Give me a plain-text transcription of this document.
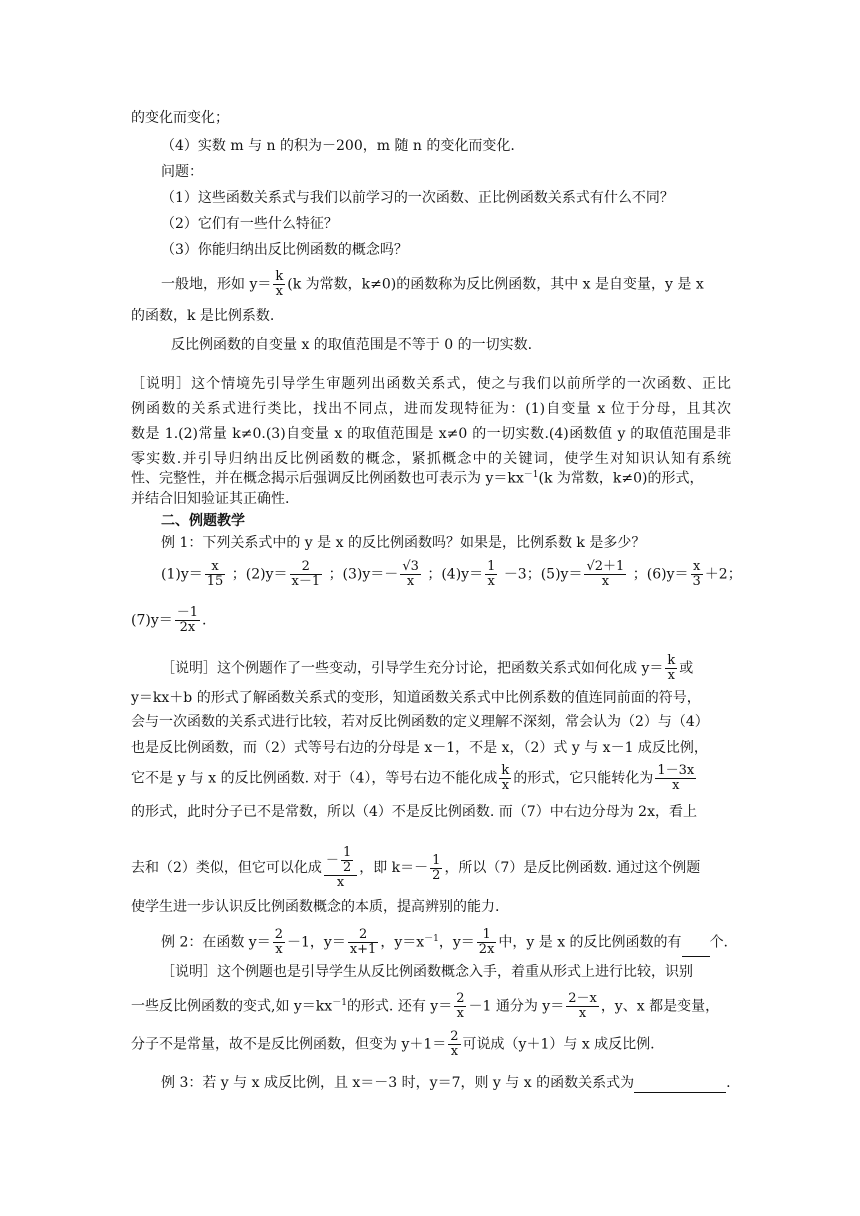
的变化而变化；
（4）实数 m 与 n 的积为－200，m 随 n 的变化而变化.
问题：
（1）这些函数关系式与我们以前学习的一次函数、正比例函数关系式有什么不同？
（2）它们有一些什么特征？
（3）你能归纳出反比例函数的概念吗？
一般地，形如 $y= \frac{k}{x} (k$ 为常数，k≠0)的函数称为反比例函数，其中 x 是自变量，y 是 x
的函数，k 是比例系数.
反比例函数的自变量 x 的取值范围是不等于 0 的一切实数.
［说明］这个情境先引导学生审题列出函数关系式，使之与我们以前所学的一次函数、正比
例函数的关系式进行类比，找出不同点，进而发现特征为：(1)自变量 x 位于分母，且其次
数是 1.(2)常量 k≠0.(3)自变量 x 的取值范围是 x≠0 的一切实数.(4)函数值 y 的取值范围是非
零实数.并引导归纳出反比例函数的概念，紧抓概念中的关键词，使学生对知识认知有系统
性、完整性，并在概念揭示后强调反比例函数也可表示为 $y=kx^{-1}(k$ 为常数，k≠0)的形式，
并结合旧知验证其正确性.
二、例题教学
例 1：下列关系式中的 y 是 x 的反比例函数吗？如果是，比例系数 k 是多少？
$(1)y= \frac{x}{15}$ ；$(2)y= \frac{2}{x-1}$ ；$(3)y=- \frac{√3}{x}$ ；$(4)y= \frac{1}{x} -3$；$(5)y= \frac{√2+1}{x}$ ；$(6)y= \frac{x}{3} +2$；
$(7)y= \frac{-1}{2x}$ .
［说明］这个例题作了一些变动，引导学生充分讨论，把函数关系式如何化成 $y= \frac{k}{x}$ 或
y＝kx＋b 的形式了解函数关系式的变形，知道函数关系式中比例系数的值连同前面的符号，
会与一次函数的关系式进行比较，若对反比例函数的定义理解不深刻，常会认为（2）与（4）
也是反比例函数，而（2）式等号右边的分母是 x－1，不是 x，（2）式 y 与 x－1 成反比例，
它不是 y 与 x 的反比例函数. 对于（4），等号右边不能化成 $\frac{k}{x}$ 的形式，它只能转化为 $\frac{1-3x}{x}$
的形式，此时分子已不是常数，所以（4）不是反比例函数. 而（7）中右边分母为 2x，看上
去和（2）类似，但它可以化成 $\frac{- \frac{1}{2}}{x}$ ，即 $k=- \frac{1}{2}$ ，所以（7）是反比例函数. 通过这个例题
使学生进一步认识反比例函数概念的本质，提高辨别的能力.
例 2：在函数 $y= \frac{2}{x} -1$，$y= \frac{2}{x+1}$ ，$y=x^{-1}$，$y= \frac{1}{2x}$ 中，y 是 x 的反比例函数的有 个.
［说明］这个例题也是引导学生从反比例函数概念入手，着重从形式上进行比较，识别
一些反比例函数的变式,如 $y=kx^{-1}$的形式. 还有 $y= \frac{2}{x} -1$ 通分为 $y= \frac{2-x}{x}$ ，y、x 都是变量，
分子不是常量，故不是反比例函数，但变为 $y+1= \frac{2}{x}$ 可说成（y＋1）与 x 成反比例.
例 3：若 y 与 x 成反比例，且 x＝－3 时，y＝7，则 y 与 x 的函数关系式为	.
